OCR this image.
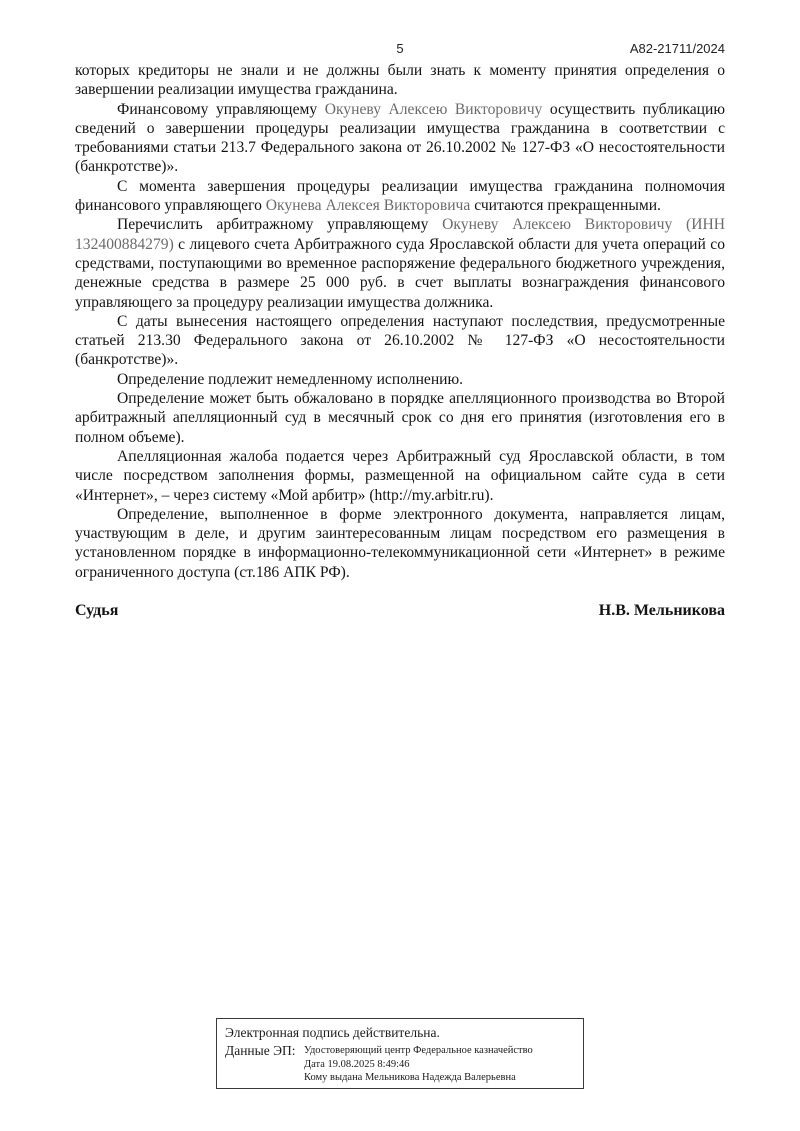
5	А82-21711/2024

которых кредиторы не знали и не должны были знать к моменту принятия определения о завершении реализации имущества гражданина.

Финансовому управляющему Окуневу Алексею Викторовичу осуществить публикацию сведений о завершении процедуры реализации имущества гражданина в соответствии с требованиями статьи 213.7 Федерального закона от 26.10.2002 № 127-ФЗ «О несостоятельности (банкротстве)».

С момента завершения процедуры реализации имущества гражданина полномочия финансового управляющего Окунева Алексея Викторовича считаются прекращенными.

Перечислить арбитражному управляющему Окуневу Алексею Викторовичу (ИНН 132400884279) с лицевого счета Арбитражного суда Ярославской области для учета операций со средствами, поступающими во временное распоряжение федерального бюджетного учреждения, денежные средства в размере 25 000 руб. в счет выплаты вознаграждения финансового управляющего за процедуру реализации имущества должника.

С даты вынесения настоящего определения наступают последствия, предусмотренные статьей 213.30 Федерального закона от 26.10.2002 № 127-ФЗ «О несостоятельности (банкротстве)».

Определение подлежит немедленному исполнению.

Определение может быть обжаловано в порядке апелляционного производства во Второй арбитражный апелляционный суд в месячный срок со дня его принятия (изготовления его в полном объеме).

Апелляционная жалоба подается через Арбитражный суд Ярославской области, в том числе посредством заполнения формы, размещенной на официальном сайте суда в сети «Интернет», – через систему «Мой арбитр» (http://my.arbitr.ru).

Определение, выполненное в форме электронного документа, направляется лицам, участвующим в деле, и другим заинтересованным лицам посредством его размещения в установленном порядке в информационно-телекоммуникационной сети «Интернет» в режиме ограниченного доступа (ст.186 АПК РФ).

Судья	Н.В. Мельникова
Электронная подпись действительна.
Данные ЭП: Удостоверяющий центр Федеральное казначейство
Дата 19.08.2025 8:49:46
Кому выдана Мельникова Надежда Валерьевна
